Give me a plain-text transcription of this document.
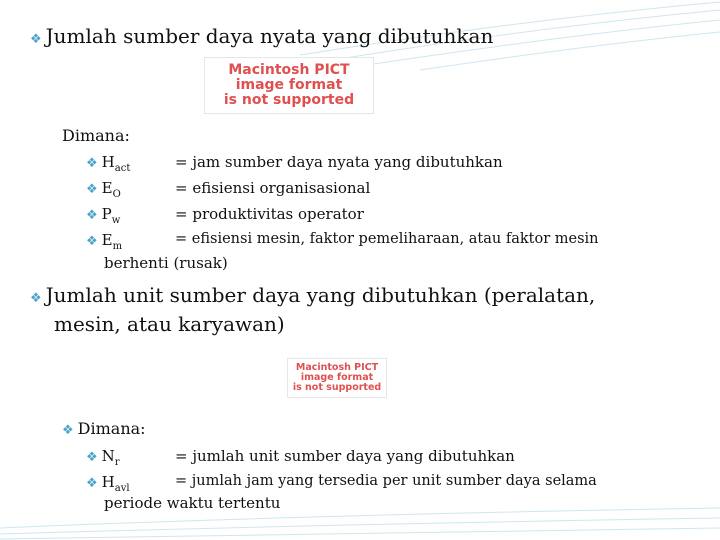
❖ Jumlah sumber daya nyata yang dibutuhkan
Macintosh PICT
image format
is not supported
Dimana:
❖ $H_{act}$	= jam sumber daya nyata yang dibutuhkan
❖ $E_O$	= efisiensi organisasional
❖ $P_w$	= produktivitas operator
❖ $E_m$	= efisiensi mesin, faktor pemeliharaan, atau faktor mesin
berhenti (rusak)
❖ Jumlah unit sumber daya yang dibutuhkan (peralatan,
mesin, atau karyawan)
Macintosh PICT
image format
is not supported
❖ Dimana:
❖ $N_r$	= jumlah unit sumber daya yang dibutuhkan
❖ $H_{avl}$	= jumlah jam yang tersedia per unit sumber daya selama
periode waktu tertentu
